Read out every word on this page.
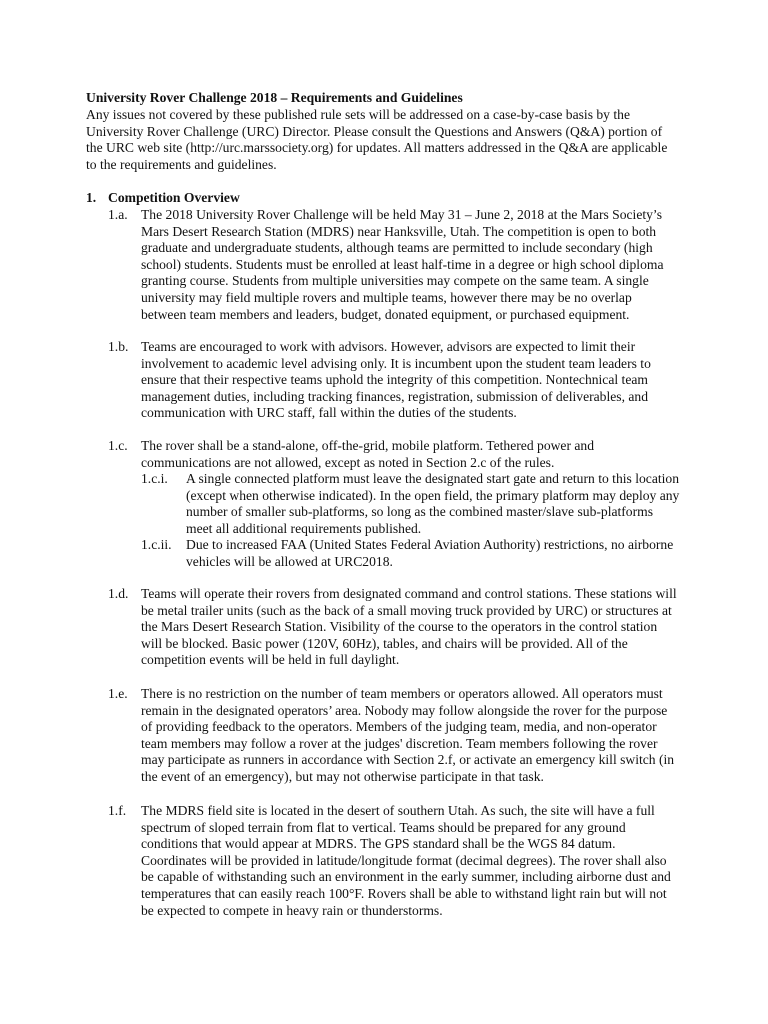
University Rover Challenge 2018 – Requirements and Guidelines
Any issues not covered by these published rule sets will be addressed on a case-by-case basis by the
University Rover Challenge (URC) Director. Please consult the Questions and Answers (Q&A) portion of
the URC web site (http://urc.marssociety.org) for updates. All matters addressed in the Q&A are applicable
to the requirements and guidelines.
1. Competition Overview
1.a. The 2018 University Rover Challenge will be held May 31 – June 2, 2018 at the Mars Society’s
Mars Desert Research Station (MDRS) near Hanksville, Utah. The competition is open to both
graduate and undergraduate students, although teams are permitted to include secondary (high
school) students. Students must be enrolled at least half-time in a degree or high school diploma
granting course. Students from multiple universities may compete on the same team. A single
university may field multiple rovers and multiple teams, however there may be no overlap
between team members and leaders, budget, donated equipment, or purchased equipment.
1.b. Teams are encouraged to work with advisors. However, advisors are expected to limit their
involvement to academic level advising only. It is incumbent upon the student team leaders to
ensure that their respective teams uphold the integrity of this competition. Nontechnical team
management duties, including tracking finances, registration, submission of deliverables, and
communication with URC staff, fall within the duties of the students.
1.c. The rover shall be a stand-alone, off-the-grid, mobile platform. Tethered power and
communications are not allowed, except as noted in Section 2.c of the rules.
1.c.i. A single connected platform must leave the designated start gate and return to this location
(except when otherwise indicated). In the open field, the primary platform may deploy any
number of smaller sub-platforms, so long as the combined master/slave sub-platforms
meet all additional requirements published.
1.c.ii. Due to increased FAA (United States Federal Aviation Authority) restrictions, no airborne
vehicles will be allowed at URC2018.
1.d. Teams will operate their rovers from designated command and control stations. These stations will
be metal trailer units (such as the back of a small moving truck provided by URC) or structures at
the Mars Desert Research Station. Visibility of the course to the operators in the control station
will be blocked. Basic power (120V, 60Hz), tables, and chairs will be provided. All of the
competition events will be held in full daylight.
1.e. There is no restriction on the number of team members or operators allowed. All operators must
remain in the designated operators’ area. Nobody may follow alongside the rover for the purpose
of providing feedback to the operators. Members of the judging team, media, and non-operator
team members may follow a rover at the judges' discretion. Team members following the rover
may participate as runners in accordance with Section 2.f, or activate an emergency kill switch (in
the event of an emergency), but may not otherwise participate in that task.
1.f. The MDRS field site is located in the desert of southern Utah. As such, the site will have a full
spectrum of sloped terrain from flat to vertical. Teams should be prepared for any ground
conditions that would appear at MDRS. The GPS standard shall be the WGS 84 datum.
Coordinates will be provided in latitude/longitude format (decimal degrees). The rover shall also
be capable of withstanding such an environment in the early summer, including airborne dust and
temperatures that can easily reach 100°F. Rovers shall be able to withstand light rain but will not
be expected to compete in heavy rain or thunderstorms.
